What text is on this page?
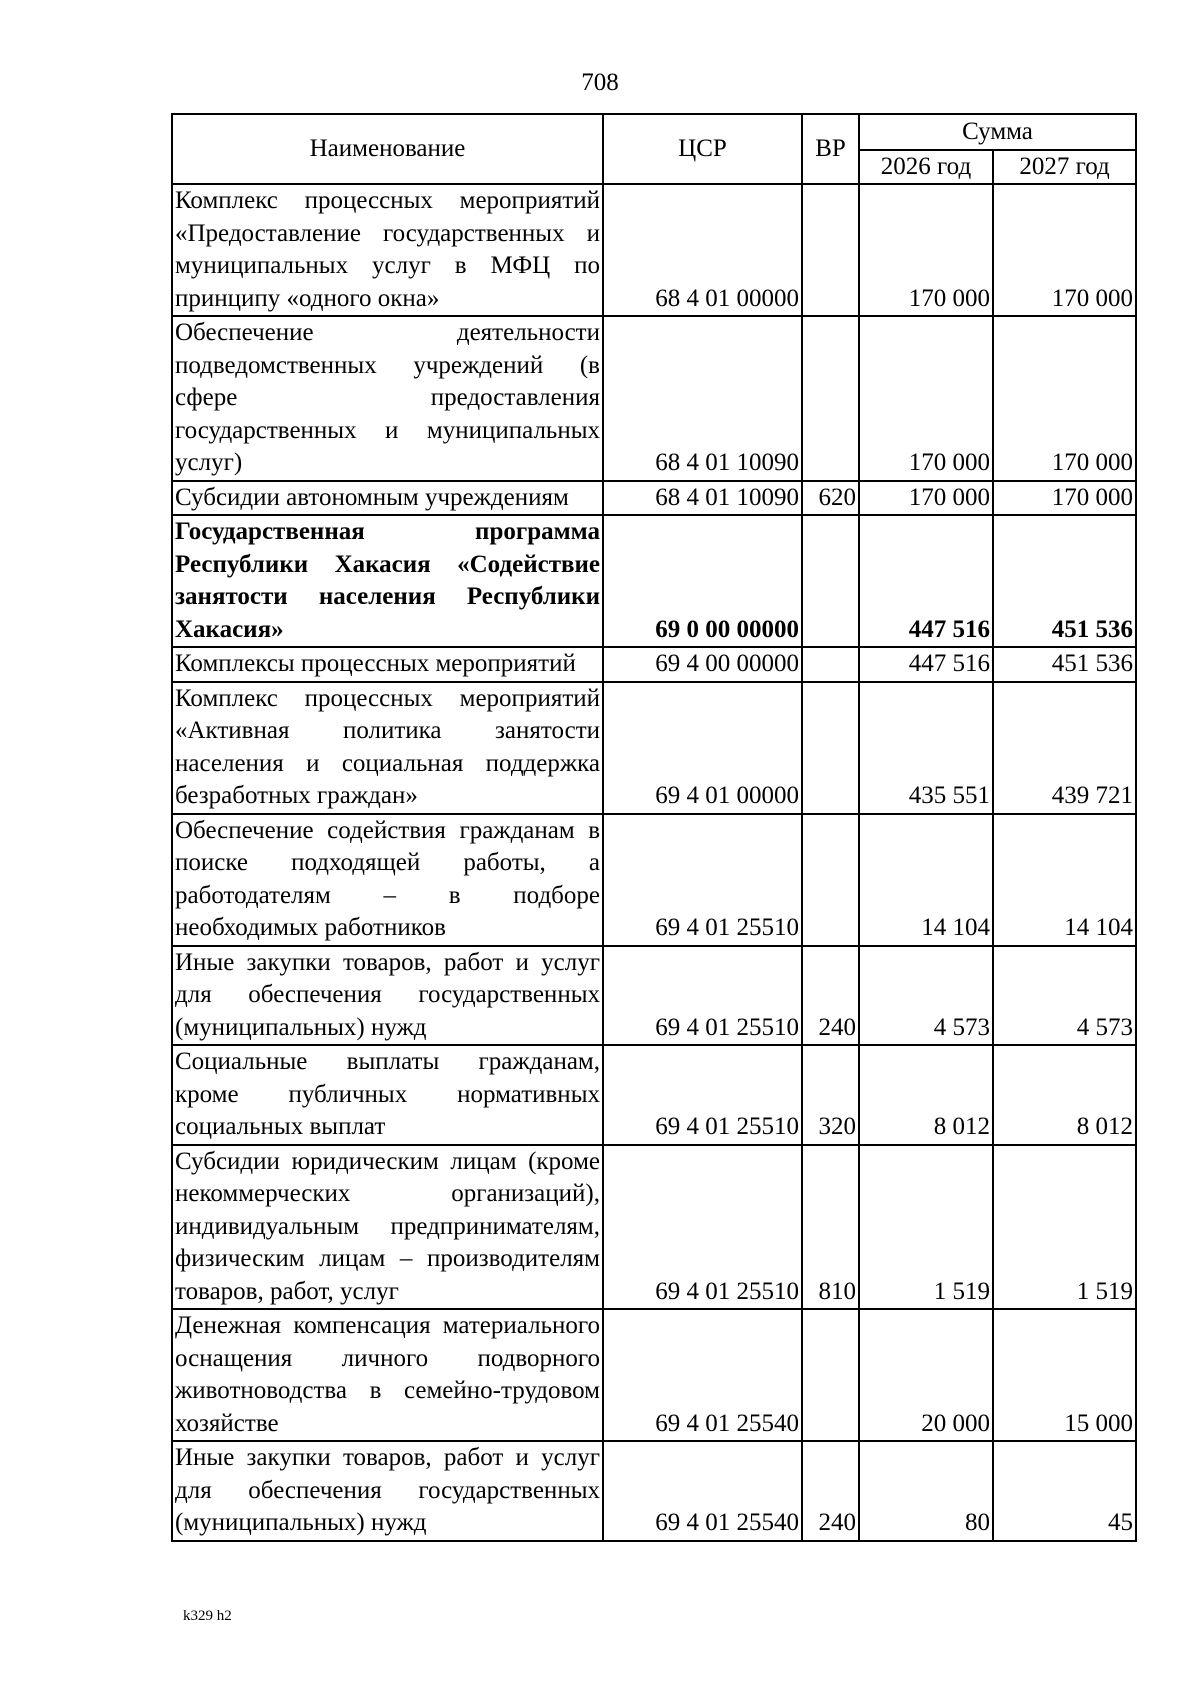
708
Наименование	ЦСР	ВР	Сумма	
			2026 год	2027 год
Комплекс процессных мероприятий «Предоставление государственных и муниципальных услуг в МФЦ по принципу «одного окна»	68 4 01 00000		170 000	170 000
Обеспечение деятельности подведомственных учреждений (в сфере предоставления государственных и муниципальных услуг)	68 4 01 10090		170 000	170 000
Субсидии автономным учреждениям	68 4 01 10090	620	170 000	170 000
Государственная программа Республики Хакасия «Содействие занятости населения Республики Хакасия»	69 0 00 00000		447 516	451 536
Комплексы процессных мероприятий	69 4 00 00000		447 516	451 536
Комплекс процессных мероприятий «Активная политика занятости населения и социальная поддержка безработных граждан»	69 4 01 00000		435 551	439 721
Обеспечение содействия гражданам в поиске подходящей работы, а работодателям – в подборе необходимых работников	69 4 01 25510		14 104	14 104
Иные закупки товаров, работ и услуг для обеспечения государственных (муниципальных) нужд	69 4 01 25510	240	4 573	4 573
Социальные выплаты гражданам, кроме публичных нормативных социальных выплат	69 4 01 25510	320	8 012	8 012
Субсидии юридическим лицам (кроме некоммерческих организаций), индивидуальным предпринимателям, физическим лицам – производителям товаров, работ, услуг	69 4 01 25510	810	1 519	1 519
Денежная компенсация материального оснащения личного подворного животноводства в семейно-трудовом хозяйстве	69 4 01 25540		20 000	15 000
Иные закупки товаров, работ и услуг для обеспечения государственных (муниципальных) нужд	69 4 01 25540	240	80	45
k329 h2
